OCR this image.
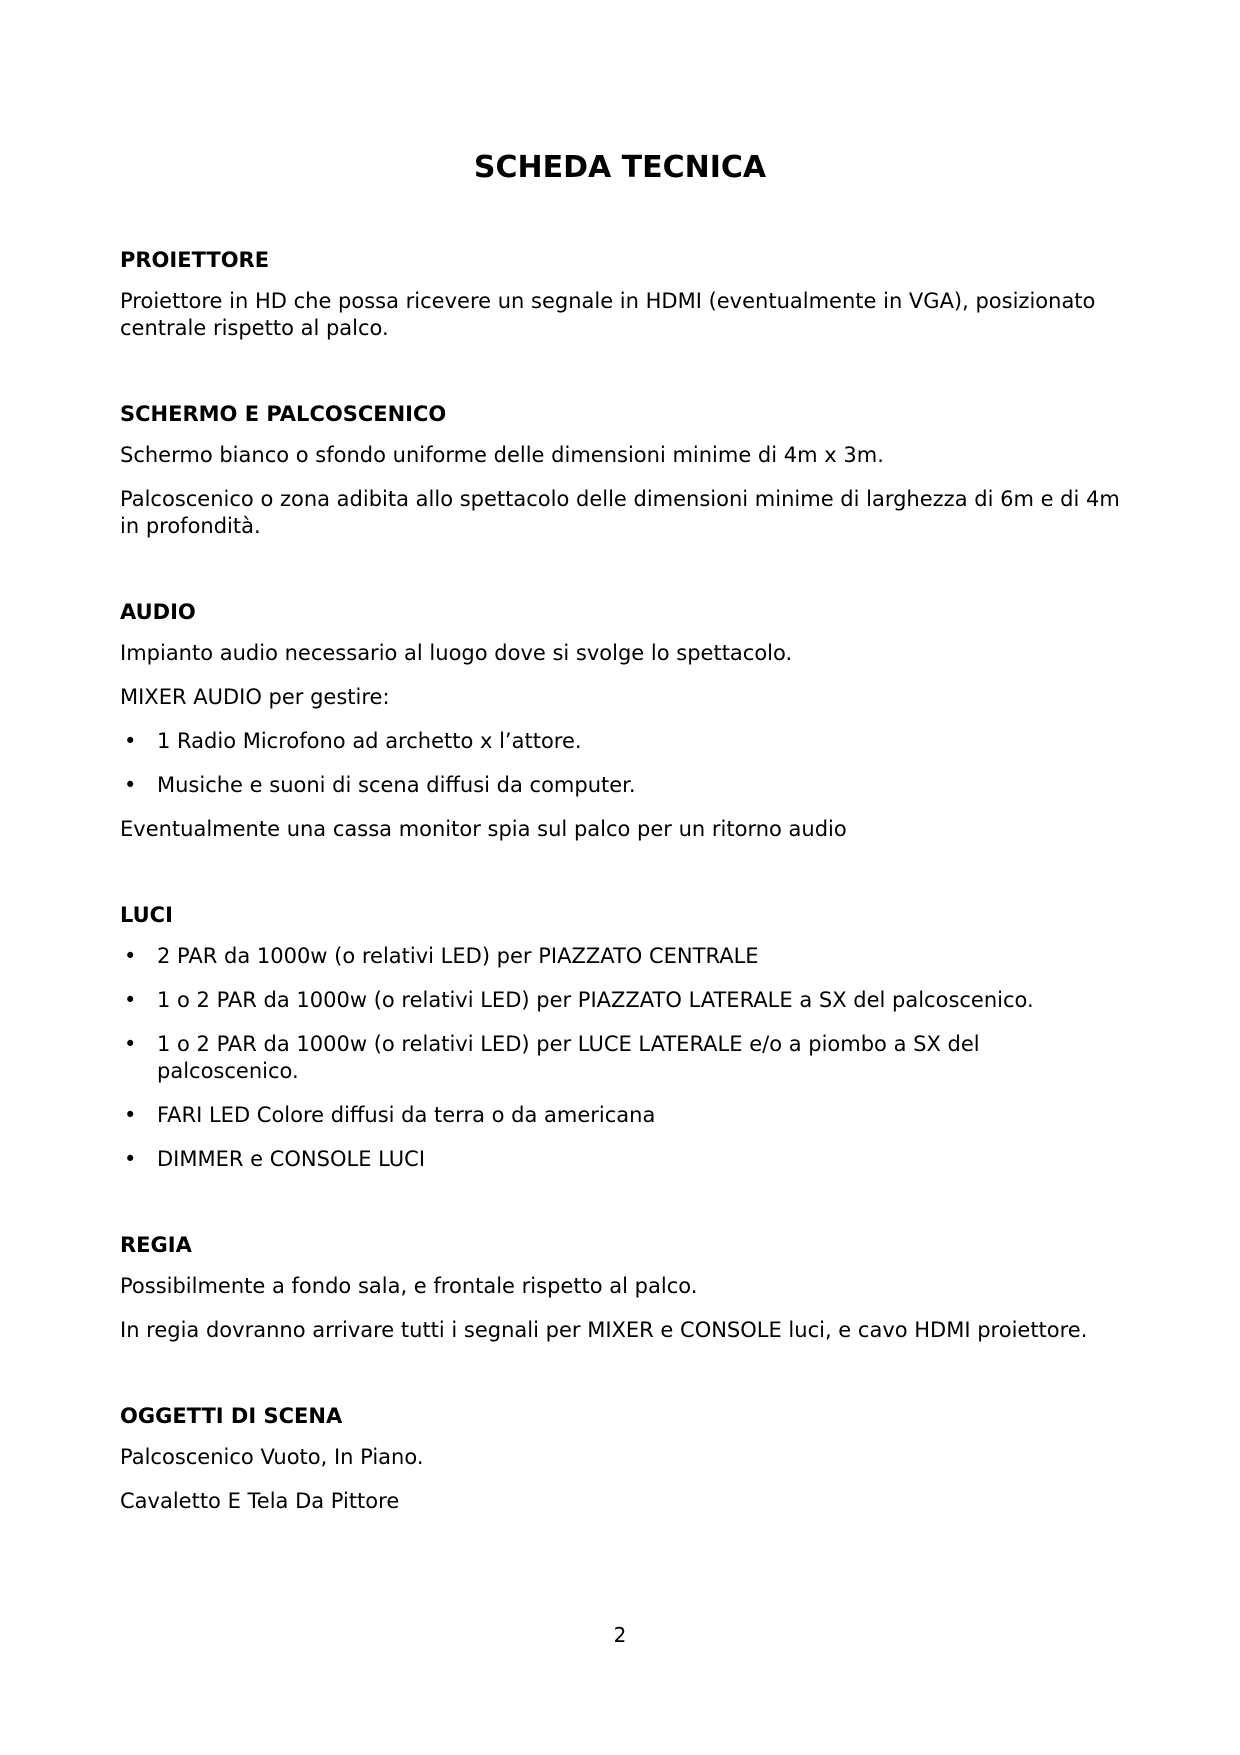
SCHEDA TECNICA
PROIETTORE

Proiettore in HD che possa ricevere un segnale in HDMI (eventualmente in VGA), posizionato centrale rispetto al palco.

SCHERMO E PALCOSCENICO

Schermo bianco o sfondo uniforme delle dimensioni minime di 4m x 3m.

Palcoscenico o zona adibita allo spettacolo delle dimensioni minime di larghezza di 6m e di 4m in profondità.

AUDIO

Impianto audio necessario al luogo dove si svolge lo spettacolo.

MIXER AUDIO per gestire:

• 1 Radio Microfono ad archetto x l’attore.
• Musiche e suoni di scena diffusi da computer.

Eventualmente una cassa monitor spia sul palco per un ritorno audio

LUCI
• 2 PAR da 1000w (o relativi LED) per PIAZZATO CENTRALE
• 1 o 2 PAR da 1000w (o relativi LED) per PIAZZATO LATERALE a SX del palcoscenico.
• 1 o 2 PAR da 1000w (o relativi LED) per LUCE LATERALE e/o a piombo a SX del palcoscenico.
• FARI LED Colore diffusi da terra o da americana
• DIMMER e CONSOLE LUCI
REGIA

Possibilmente a fondo sala, e frontale rispetto al palco.

In regia dovranno arrivare tutti i segnali per MIXER e CONSOLE luci, e cavo HDMI proiettore.

OGGETTI DI SCENA

Palcoscenico Vuoto, In Piano.

Cavaletto E Tela Da Pittore

2
